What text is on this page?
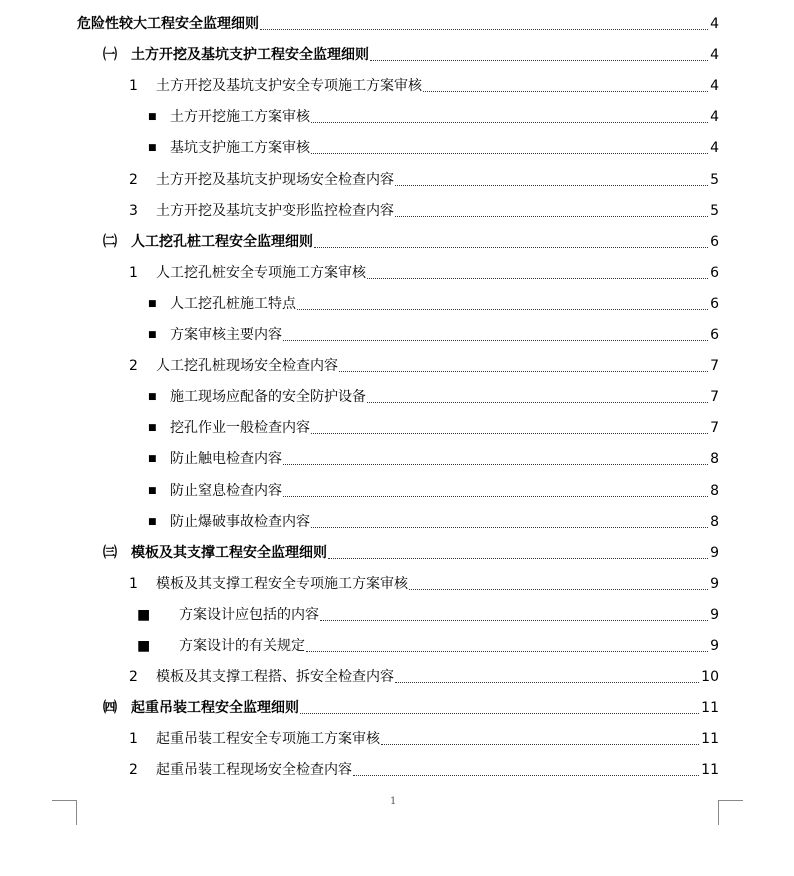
危险性较大工程安全监理细则	4
㈠	土方开挖及基坑支护工程安全监理细则	4
1	土方开挖及基坑支护安全专项施工方案审核	4
■ 土方开挖施工方案审核	4
■ 基坑支护施工方案审核	4
2	土方开挖及基坑支护现场安全检查内容	5
3	土方开挖及基坑支护变形监控检查内容	5
㈡	人工挖孔桩工程安全监理细则	6
1	人工挖孔桩安全专项施工方案审核	6
■ 人工挖孔桩施工特点	6
■ 方案审核主要内容	6
2	人工挖孔桩现场安全检查内容	7
■ 施工现场应配备的安全防护设备	7
■ 挖孔作业一般检查内容	7
■ 防止触电检查内容	8
■ 防止窒息检查内容	8
■ 防止爆破事故检查内容	8
㈢	模板及其支撑工程安全监理细则	9
1	模板及其支撑工程安全专项施工方案审核	9
■	方案设计应包括的内容	9
■	方案设计的有关规定	9
2	模板及其支撑工程搭、拆安全检查内容	10
㈣	起重吊装工程安全监理细则	11
1	起重吊装工程安全专项施工方案审核	11
2	起重吊装工程现场安全检查内容	11
1
